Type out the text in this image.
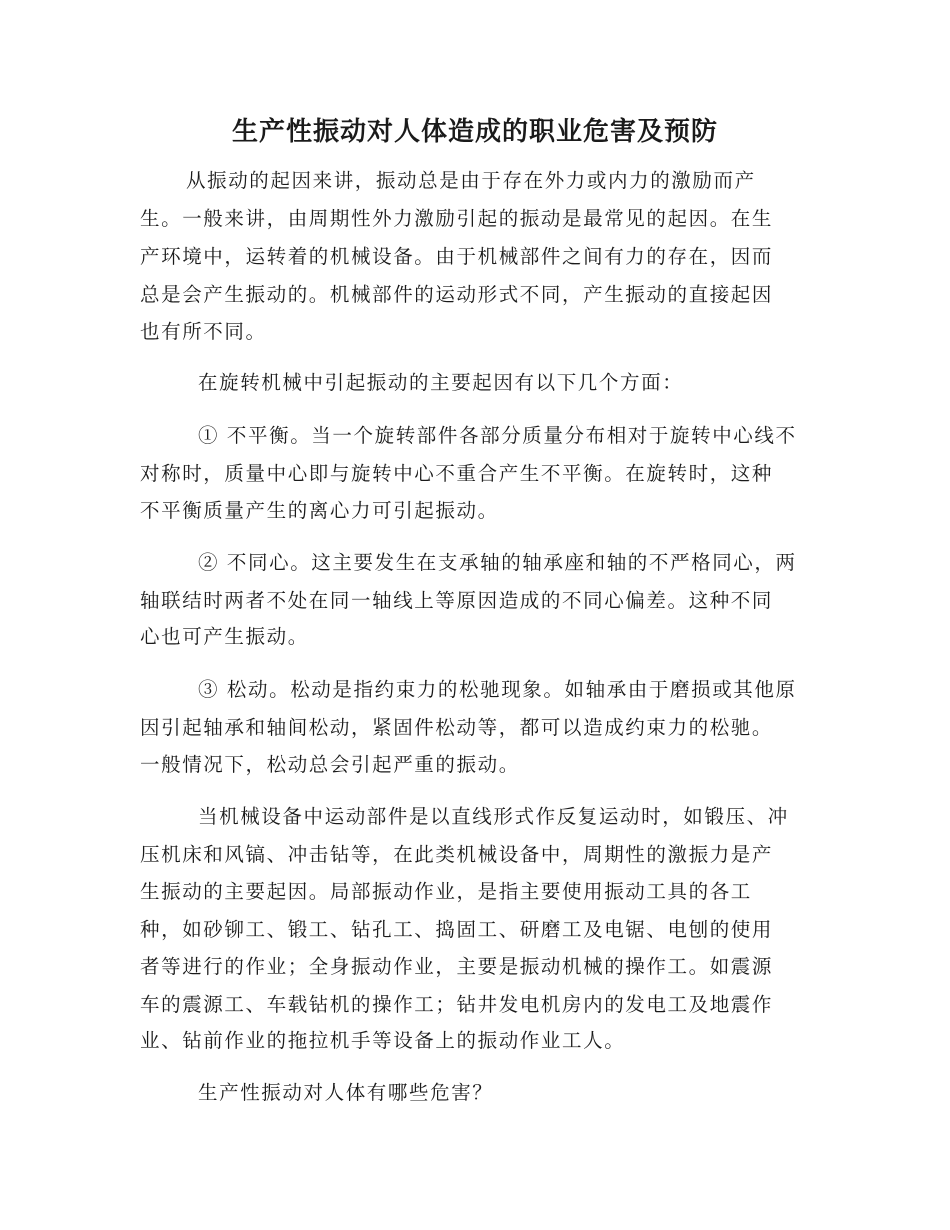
生产性振动对人体造成的职业危害及预防
从振动的起因来讲，振动总是由于存在外力或内力的激励而产
生。一般来讲，由周期性外力激励引起的振动是最常见的起因。在生
产环境中，运转着的机械设备。由于机械部件之间有力的存在，因而
总是会产生振动的。机械部件的运动形式不同，产生振动的直接起因
也有所不同。
在旋转机械中引起振动的主要起因有以下几个方面：
① 不平衡。当一个旋转部件各部分质量分布相对于旋转中心线不
对称时，质量中心即与旋转中心不重合产生不平衡。在旋转时，这种
不平衡质量产生的离心力可引起振动。
② 不同心。这主要发生在支承轴的轴承座和轴的不严格同心，两
轴联结时两者不处在同一轴线上等原因造成的不同心偏差。这种不同
心也可产生振动。
③ 松动。松动是指约束力的松驰现象。如轴承由于磨损或其他原
因引起轴承和轴间松动，紧固件松动等，都可以造成约束力的松驰。
一般情况下，松动总会引起严重的振动。
当机械设备中运动部件是以直线形式作反复运动时，如锻压、冲
压机床和风镐、冲击钻等，在此类机械设备中，周期性的激振力是产
生振动的主要起因。局部振动作业，是指主要使用振动工具的各工
种，如砂铆工、锻工、钻孔工、捣固工、研磨工及电锯、电刨的使用
者等进行的作业；全身振动作业，主要是振动机械的操作工。如震源
车的震源工、车载钻机的操作工；钻井发电机房内的发电工及地震作
业、钻前作业的拖拉机手等设备上的振动作业工人。
生产性振动对人体有哪些危害？
